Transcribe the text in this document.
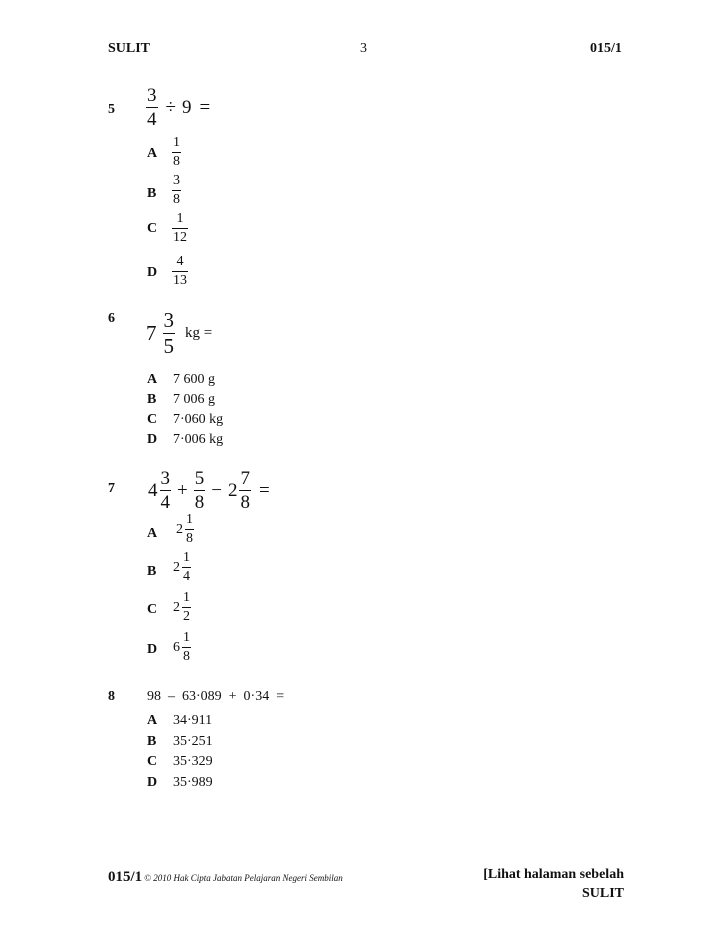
SULIT	3	015/1
$5 \frac{3}{4} \div 9$ =
A $\frac{1}{8}$
B $\frac{3}{8}$
C $\frac{1}{12}$
D $\frac{4}{13}$
6
$7 \frac{3}{5}$ kg =
A	7 600 g
B	7 006 g
C	7·060 kg
D	7·006 kg
7 $4 \frac{3}{4} + \frac{5}{8} - 2 \frac{7}{8}$ =
A $2 \frac{1}{8}$
B $2 \frac{1}{4}$
C $2 \frac{1}{2}$
D $6 \frac{1}{8}$
8 98  –  63·089  +  0·34  =
A	34·911
B	35·251
C	35·329
D	35·989
015/1 © 2010 Hak Cipta Jabatan Pelajaran Negeri Sembilan	[Lihat halaman sebelah
SULIT
